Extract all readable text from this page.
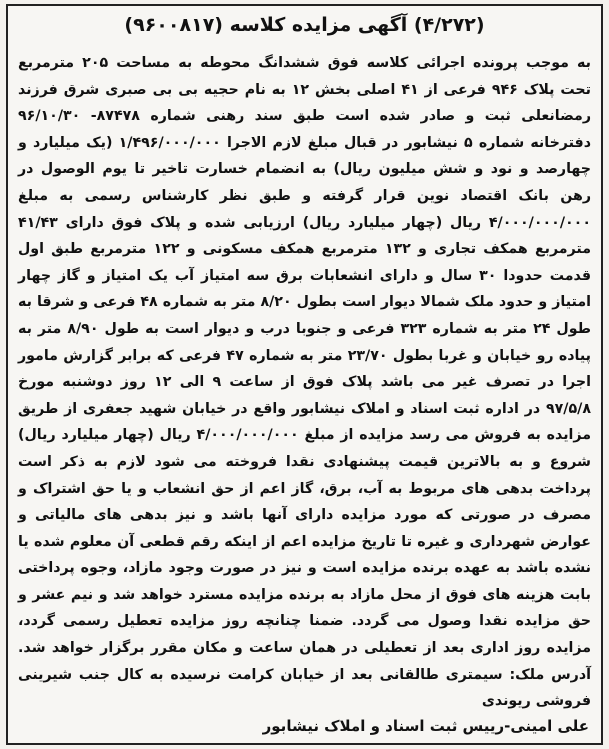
(۴/۲۷۲) آگهی مزایده کلاسه (۹۶۰۰۸۱۷)
به موجب پرونده اجرائی کلاسه فوق ششدانگ محوطه به مساحت ۲۰۵ مترمربع تحت پلاک ۹۴۶ فرعی از ۴۱ اصلی بخش ۱۲ به نام حجیه بی بی صبری شرق فرزند رمضانعلی ثبت و صادر شده است طبق سند رهنی شماره ۸۷۴۷۸- ۹۶/۱۰/۳۰ دفترخانه شماره ۵ نیشابور در قبال مبلغ لازم الاجرا ۱/۴۹۶/۰۰۰/۰۰۰ (یک میلیارد و چهارصد و نود و شش میلیون ریال) به انضمام خسارت تاخیر تا یوم الوصول در رهن بانک اقتصاد نوین قرار گرفته و طبق نظر کارشناس رسمی به مبلغ ۴/۰۰۰/۰۰۰/۰۰۰ ریال (چهار میلیارد ریال) ارزیابی شده و پلاک فوق دارای ۴۱/۴۳ مترمربع همکف تجاری و ۱۳۲ مترمربع همکف مسکونی و ۱۲۲ مترمربع طبق اول قدمت حدودا ۳۰ سال و دارای انشعابات برق سه امتیاز آب یک امتیاز و گاز چهار امتیاز و حدود ملک شمالا دیوار است بطول ۸/۲۰ متر به شماره ۴۸ فرعی و شرقا به طول ۲۴ متر به شماره ۳۲۳ فرعی و جنوبا درب و دیوار است به طول ۸/۹۰ متر به پیاده رو خیابان و غربا بطول ۲۳/۷۰ متر به شماره ۴۷ فرعی که برابر گزارش مامور اجرا در تصرف غیر می باشد پلاک فوق از ساعت ۹ الی ۱۲ روز دوشنبه مورخ ۹۷/۵/۸ در اداره ثبت اسناد و املاک نیشابور واقع در خیابان شهید جعفری از طریق مزایده به فروش می رسد مزایده از مبلغ ۴/۰۰۰/۰۰۰/۰۰۰ ریال (چهار میلیارد ریال) شروع و به بالاترین قیمت پیشنهادی نقدا فروخته می شود لازم به ذکر است پرداخت بدهی های مربوط به آب، برق، گاز اعم از حق انشعاب و یا حق اشتراک و مصرف در صورتی که مورد مزایده دارای آنها باشد و نیز بدهی های مالیاتی و عوارض شهرداری و غیره تا تاریخ مزایده اعم از اینکه رقم قطعی آن معلوم شده یا نشده باشد به عهده برنده مزایده است و نیز در صورت وجود مازاد، وجوه پرداختی بابت هزینه های فوق از محل مازاد به برنده مزایده مسترد خواهد شد و نیم عشر و حق مزایده نقدا وصول می گردد. ضمنا چنانچه روز مزایده تعطیل رسمی گردد، مزایده روز اداری بعد از تعطیلی در همان ساعت و مکان مقرر برگزار خواهد شد. آدرس ملک: سیمتری طالقانی بعد از خیابان کرامت نرسیده به کال جنب شیرینی فروشی ریوندی
علی امینی-رییس ثبت اسناد و املاک نیشابور
